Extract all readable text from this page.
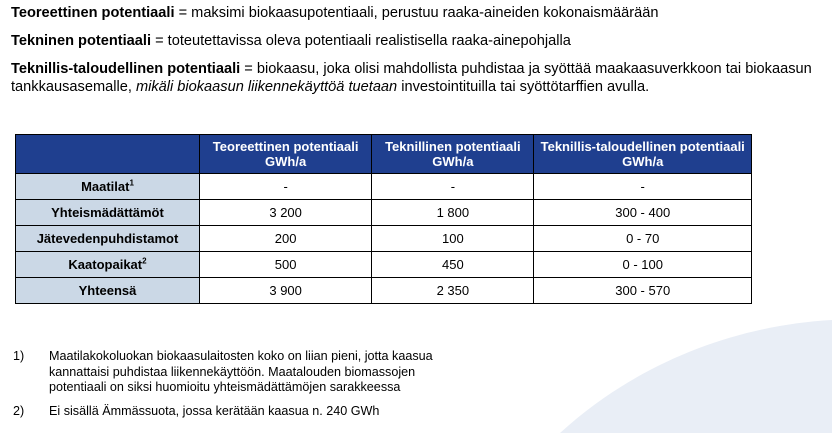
Teoreettinen potentiaali = maksimi biokaasupotentiaali, perustuu raaka-aineiden kokonaismäärään

Tekninen potentiaali = toteutettavissa oleva potentiaali realistisella raaka-ainepohjalla

Teknillis-taloudellinen potentiaali = biokaasu, joka olisi mahdollista puhdistaa ja syöttää maakaasuverkkoon tai biokaasun tankkausasemalle, mikäli biokaasun liikennekäyttöä tuetaan investointituilla tai syöttötarffien avulla.

	Teoreettinen potentiaali GWh/a	Teknillinen potentiaali GWh/a	Teknillis-taloudellinen potentiaali GWh/a
Maatilat$^1$	-	-	-
Yhteismädättämöt	3 200	1 800	300 - 400
Jätevedenpuhdistamot	200	100	0 - 70
Kaatopaikat$^2$	500	450	0 - 100
Yhteensä	3 900	2 350	300 - 570
1)	Maatilakokoluokan biokaasulaitosten koko on liian pieni, jotta kaasua kannattaisi puhdistaa liikennekäyttöön. Maatalouden biomassojen potentiaali on siksi huomioitu yhteismädättämöjen sarakkeessa
2)	Ei sisällä Ämmässuota, jossa kerätään kaasua n. 240 GWh
